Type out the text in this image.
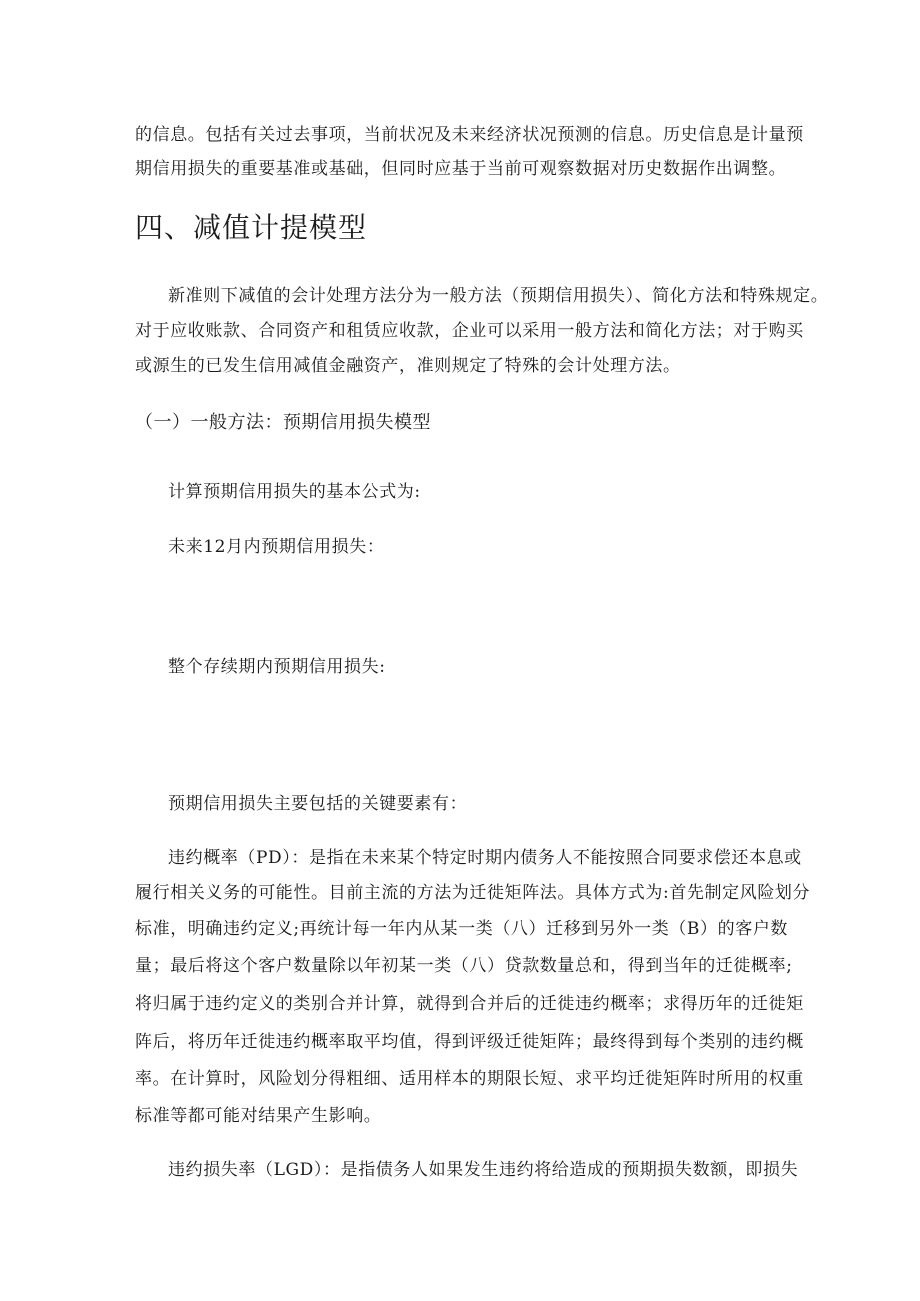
的信息。包括有关过去事项，当前状况及未来经济状况预测的信息。历史信息是计量预
期信用损失的重要基准或基础，但同时应基于当前可观察数据对历史数据作出调整。
四、减值计提模型
新准则下减值的会计处理方法分为一般方法（预期信用损失）、简化方法和特殊规定。
对于应收账款、合同资产和租赁应收款，企业可以采用一般方法和简化方法；对于购买
或源生的已发生信用减值金融资产，准则规定了特殊的会计处理方法。
（一）一般方法：预期信用损失模型
计算预期信用损失的基本公式为:
未来12月内预期信用损失：
整个存续期内预期信用损失:
预期信用损失主要包括的关键要素有：
违约概率（PD）：是指在未来某个特定时期内债务人不能按照合同要求偿还本息或
履行相关义务的可能性。目前主流的方法为迁徙矩阵法。具体方式为:首先制定风险划分
标准，明确违约定义;再统计每一年内从某一类（八）迁移到另外一类（B）的客户数
量；最后将这个客户数量除以年初某一类（八）贷款数量总和，得到当年的迁徙概率;
将归属于违约定义的类别合并计算，就得到合并后的迁徙违约概率；求得历年的迁徙矩
阵后，将历年迁徙违约概率取平均值，得到评级迁徙矩阵；最终得到每个类别的违约概
率。在计算时，风险划分得粗细、适用样本的期限长短、求平均迁徙矩阵时所用的权重
标准等都可能对结果产生影响。
违约损失率（LGD）：是指债务人如果发生违约将给造成的预期损失数额，即损失
